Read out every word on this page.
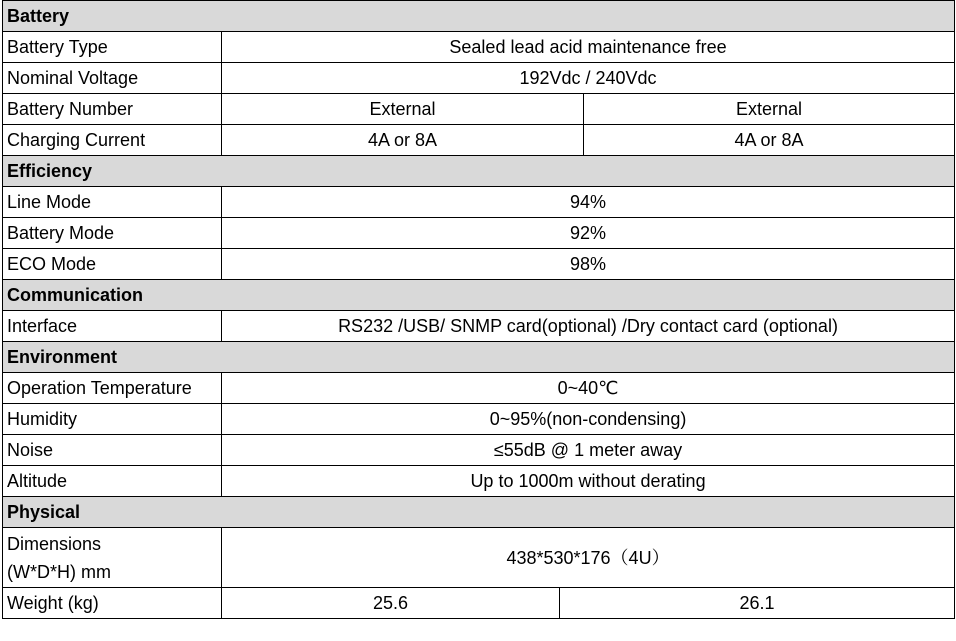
Battery			
Battery Type	Sealed lead acid maintenance free		
Nominal Voltage	192Vdc / 240Vdc		
Battery Number	External		External
Charging Current	4A or 8A		4A or 8A
Efficiency			
Line Mode	94%		
Battery Mode	92%		
ECO Mode	98%		
Communication			
Interface	RS232 /USB/ SNMP card(optional) /Dry contact card (optional)		
Environment			
Operation Temperature	0~40℃		
Humidity	0~95%(non-condensing)		
Noise	≤55dB @ 1 meter away		
Altitude	Up to 1000m without derating		
Physical			
Dimensions
(W*D*H) mm	438*530*176（4U）		
Weight (kg)	25.6	26.1	
